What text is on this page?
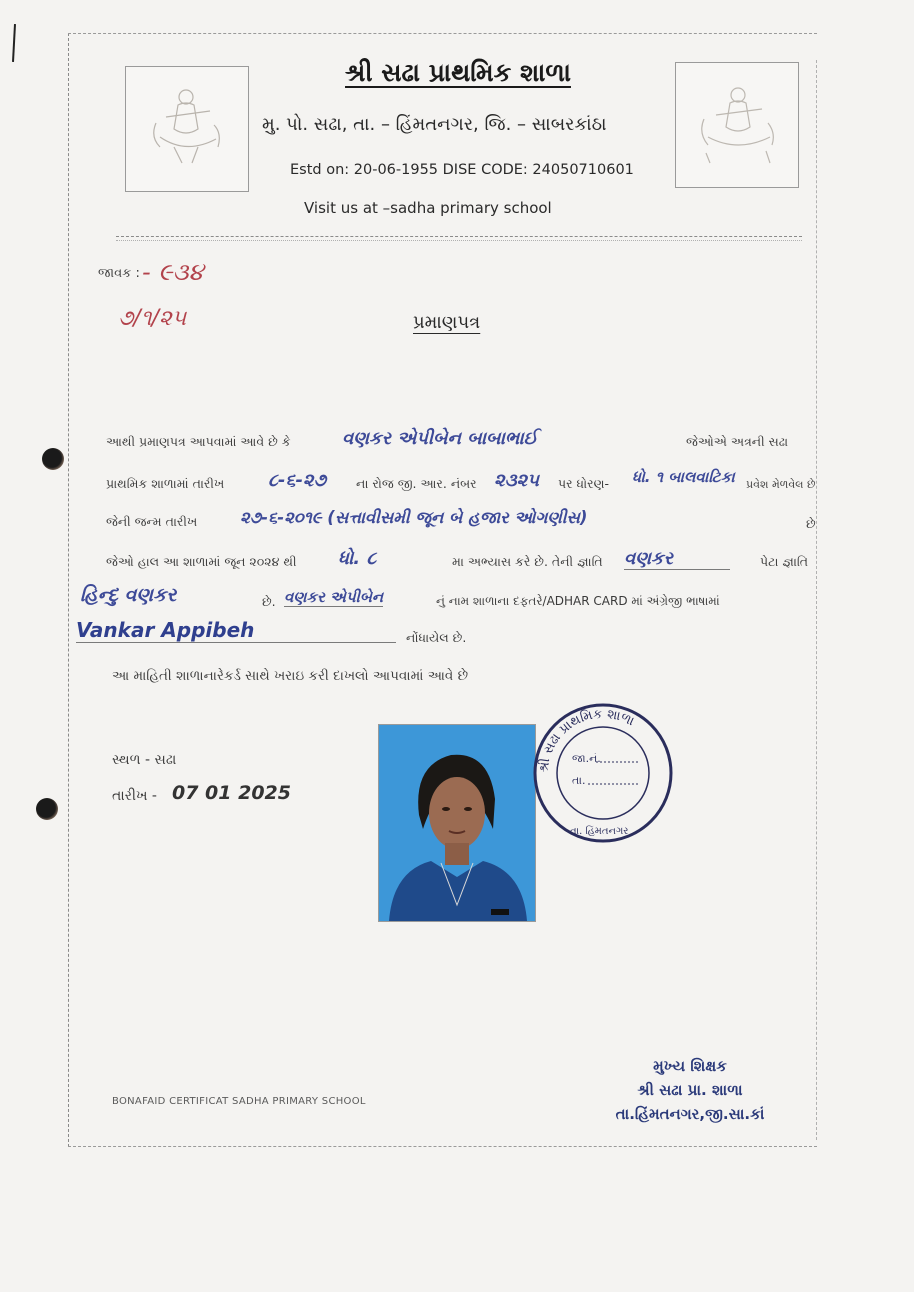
શ્રી સઢા પ્રાથમિક શાળા
મુ. પો. સઢા, તા. – હિંમતનગર, જિ. – સાબરકાંઠા
Estd on: 20-06-1955 DISE CODE: 24050710601
Visit us at –sadha primary school
જાવક : - ૯૩૪
૭/૧/૨૫	પ્રમાણપત્ર
આથી પ્રમાણપત્ર આપવામાં આવે છે કે	વણકર એપીબેન બાબાભાઈ	જેઓએ અત્રની સઢા
પ્રાથમિક શાળામાં તારીખ ૮-૬-૨૭ ના રોજ જી. આર. નંબર ૨૩૨૫ પર ધોરણ- ધો. ૧ બાલવાટિકા પ્રવેશ મેળવેલ છે
જેની જન્મ તારીખ	૨૭-૬-૨૦૧૯ (સત્તાવીસમી જૂન બે હજાર ઓગણીસ)	છે
જેઓ હાલ આ શાળામાં જૂન ૨૦૨૪ થી ધો. ૮	મા અભ્યાસ કરે છે. તેની જ્ઞાતિ વણકર	પેટા જ્ઞાતિ
હિન્દુ વણકર	છે. વણકર એપીબેન	નું નામ શાળાના દફતરે/ADHAR CARD માં અંગ્રેજી ભાષામાં
Vankar Appibeh	નોંધાયેલ છે.
આ માહિતી શાળાનારેકર્ડ સાથે ખરાઇ કરી દાખલો આપવામાં આવે છે
સ્થળ - સઢા
તારીખ - 07 01 2025
શ્રી સઢા પ્રાથમિક શાળા
જા.નં.
તા.
તા. હિંમતનગર
મુખ્ય શિક્ષક
શ્રી સઢા પ્રા. શાળા
તા.હિંમતનગર,જી.સા.કાં
BONAFAID CERTIFICAT SADHA PRIMARY SCHOOL
